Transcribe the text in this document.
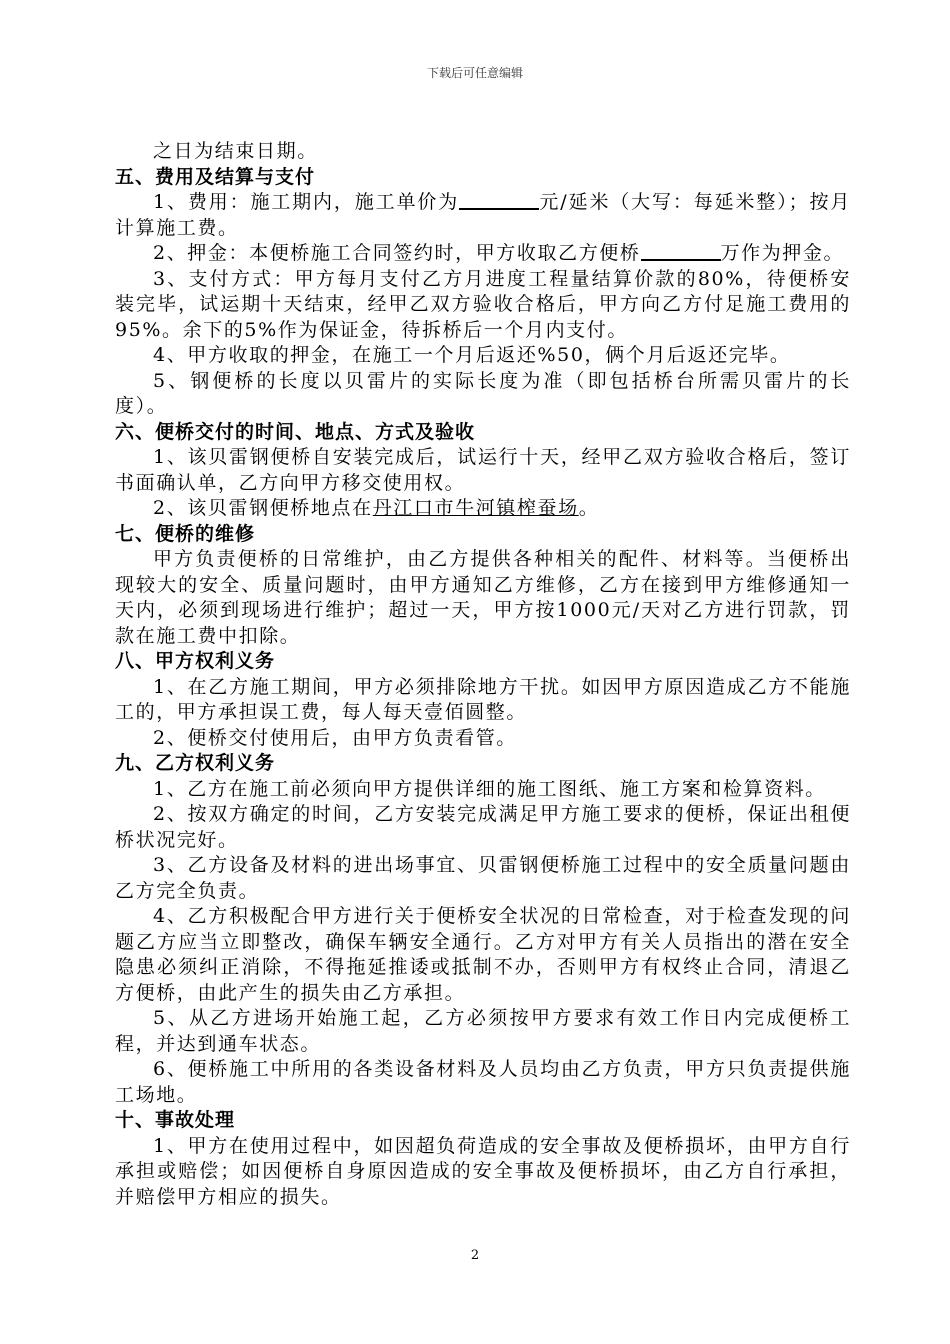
下载后可任意编辑
之日为结束日期。
五、费用及结算与支付
1、费用：施工期内，施工单价为	元/延米（大写：每延米整）；按月计算施工费。
2、押金：本便桥施工合同签约时，甲方收取乙方便桥	万作为押金。
3、支付方式：甲方每月支付乙方月进度工程量结算价款的80%，待便桥安装完毕，试运期十天结束，经甲乙双方验收合格后，甲方向乙方付足施工费用的95%。余下的5%作为保证金，待拆桥后一个月内支付。
4、甲方收取的押金，在施工一个月后返还%50，俩个月后返还完毕。
5、钢便桥的长度以贝雷片的实际长度为准（即包括桥台所需贝雷片的长度）。
六、便桥交付的时间、地点、方式及验收
1、该贝雷钢便桥自安装完成后，试运行十天，经甲乙双方验收合格后，签订书面确认单，乙方向甲方移交使用权。
2、该贝雷钢便桥地点在丹江口市牛河镇榨蚕场。
七、便桥的维修
甲方负责便桥的日常维护，由乙方提供各种相关的配件、材料等。当便桥出现较大的安全、质量问题时，由甲方通知乙方维修，乙方在接到甲方维修通知一天内，必须到现场进行维护；超过一天，甲方按1000元/天对乙方进行罚款，罚款在施工费中扣除。
八、甲方权利义务
1、在乙方施工期间，甲方必须排除地方干扰。如因甲方原因造成乙方不能施工的，甲方承担误工费，每人每天壹佰圆整。
2、便桥交付使用后，由甲方负责看管。
九、乙方权利义务
1、乙方在施工前必须向甲方提供详细的施工图纸、施工方案和检算资料。
2、按双方确定的时间，乙方安装完成满足甲方施工要求的便桥，保证出租便桥状况完好。
3、乙方设备及材料的进出场事宜、贝雷钢便桥施工过程中的安全质量问题由乙方完全负责。
4、乙方积极配合甲方进行关于便桥安全状况的日常检查，对于检查发现的问题乙方应当立即整改，确保车辆安全通行。乙方对甲方有关人员指出的潜在安全隐患必须纠正消除，不得拖延推诿或抵制不办，否则甲方有权终止合同，清退乙方便桥，由此产生的损失由乙方承担。
5、从乙方进场开始施工起，乙方必须按甲方要求有效工作日内完成便桥工程，并达到通车状态。
6、便桥施工中所用的各类设备材料及人员均由乙方负责，甲方只负责提供施工场地。
十、事故处理
1、甲方在使用过程中，如因超负荷造成的安全事故及便桥损坏，由甲方自行承担或赔偿；如因便桥自身原因造成的安全事故及便桥损坏，由乙方自行承担，并赔偿甲方相应的损失。
2
